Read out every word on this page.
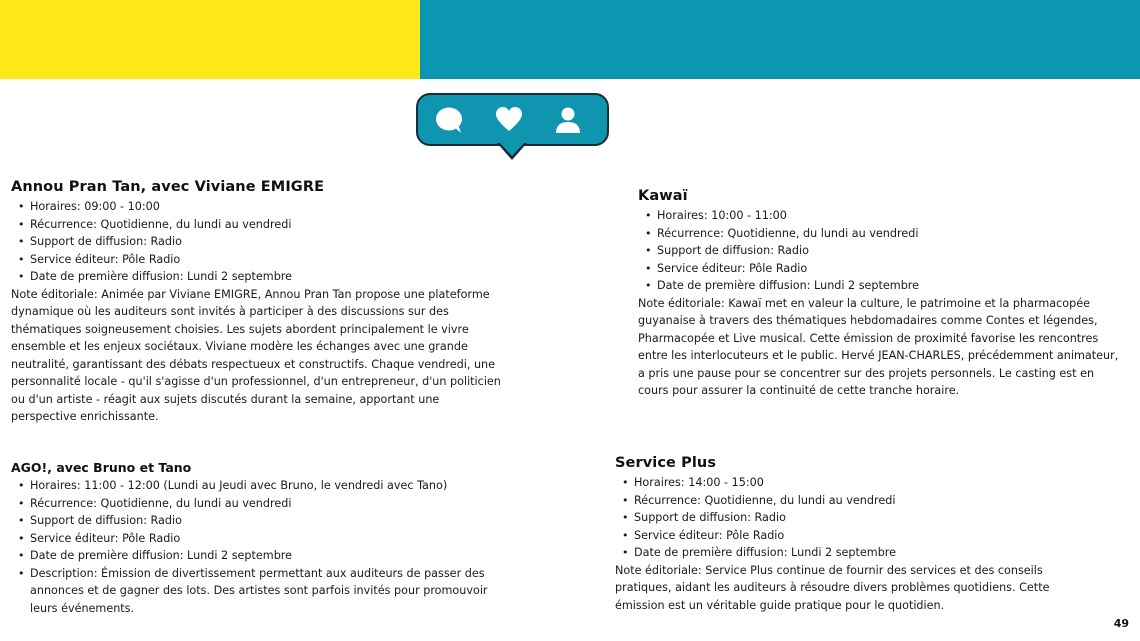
Annou Pran Tan, avec Viviane EMIGRE
• Horaires: 09:00 - 10:00
• Récurrence: Quotidienne, du lundi au vendredi
• Support de diffusion: Radio
• Service éditeur: Pôle Radio
• Date de première diffusion: Lundi 2 septembre

Note éditoriale: Animée par Viviane EMIGRE, Annou Pran Tan propose une plateforme dynamique où les auditeurs sont invités à participer à des discussions sur des thématiques soigneusement choisies. Les sujets abordent principalement le vivre ensemble et les enjeux sociétaux. Viviane modère les échanges avec une grande neutralité, garantissant des débats respectueux et constructifs. Chaque vendredi, une personnalité locale - qu'il s'agisse d'un professionnel, d'un entrepreneur, d'un politicien ou d'un artiste - réagit aux sujets discutés durant la semaine, apportant une perspective enrichissante.

Kawaï
• Horaires: 10:00 - 11:00
• Récurrence: Quotidienne, du lundi au vendredi
• Support de diffusion: Radio
• Service éditeur: Pôle Radio
• Date de première diffusion: Lundi 2 septembre

Note éditoriale: Kawaï met en valeur la culture, le patrimoine et la pharmacopée guyanaise à travers des thématiques hebdomadaires comme Contes et légendes, Pharmacopée et Live musical. Cette émission de proximité favorise les rencontres entre les interlocuteurs et le public. Hervé JEAN-CHARLES, précédemment animateur, a pris une pause pour se concentrer sur des projets personnels. Le casting est en cours pour assurer la continuité de cette tranche horaire.

AGO!, avec Bruno et Tano
• Horaires: 11:00 - 12:00 (Lundi au Jeudi avec Bruno, le vendredi avec Tano)
• Récurrence: Quotidienne, du lundi au vendredi
• Support de diffusion: Radio
• Service éditeur: Pôle Radio
• Date de première diffusion: Lundi 2 septembre
• Description: Émission de divertissement permettant aux auditeurs de passer des annonces et de gagner des lots. Des artistes sont parfois invités pour promouvoir leurs événements.
Service Plus
• Horaires: 14:00 - 15:00
• Récurrence: Quotidienne, du lundi au vendredi
• Support de diffusion: Radio
• Service éditeur: Pôle Radio
• Date de première diffusion: Lundi 2 septembre

Note éditoriale: Service Plus continue de fournir des services et des conseils pratiques, aidant les auditeurs à résoudre divers problèmes quotidiens. Cette émission est un véritable guide pratique pour le quotidien.

49
